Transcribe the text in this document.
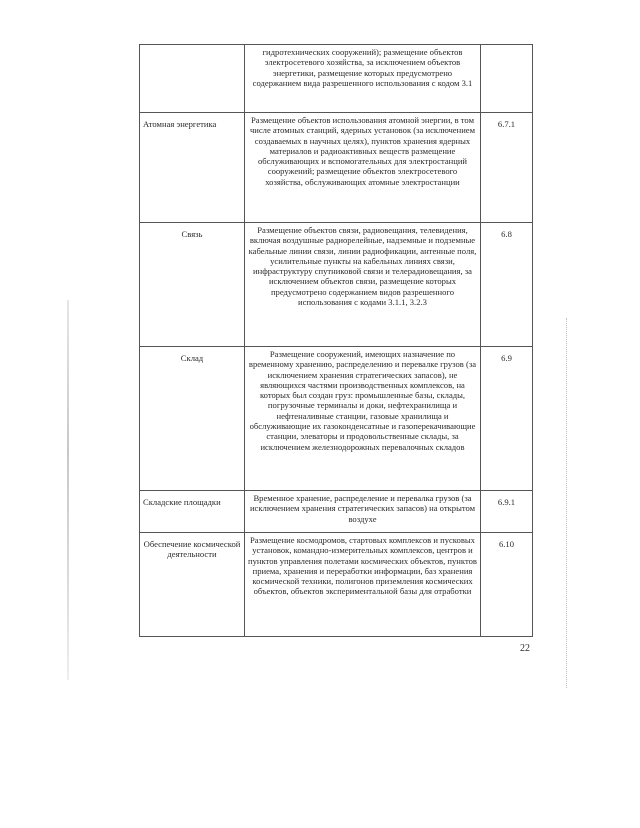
	гидротехнических сооружений); размещение объектов электросетевого хозяйства, за исключением объектов энергетики, размещение которых предусмотрено содержанием вида разрешенного использования с кодом 3.1	
Атомная энергетика	Размещение объектов использования атомной энергии, в том числе атомных станций, ядерных установок (за исключением создаваемых в научных целях), пунктов хранения ядерных материалов и радиоактивных веществ размещение обслуживающих и вспомогательных для электростанций сооружений; размещение объектов электросетевого хозяйства, обслуживающих атомные электростанции	6.7.1
Связь	Размещение объектов связи, радиовещания, телевидения, включая воздушные радиорелейные, надземные и подземные кабельные линии связи, линии радиофикации, антенные поля, усилительные пункты на кабельных линиях связи, инфраструктуру спутниковой связи и телерадиовещания, за исключением объектов связи, размещение которых предусмотрено содержанием видов разрешенного использования с кодами 3.1.1, 3.2.3	6.8
Склад	Размещение сооружений, имеющих назначение по временному хранению, распределению и перевалке грузов (за исключением хранения стратегических запасов), не являющихся частями производственных комплексов, на которых был создан груз: промышленные базы, склады, погрузочные терминалы и доки, нефтехранилища и нефтеналивные станции, газовые хранилища и обслуживающие их газоконденсатные и газоперекачивающие станции, элеваторы и продовольственные склады, за исключением железнодорожных перевалочных складов	6.9
Складские площадки	Временное хранение, распределение и перевалка грузов (за исключением хранения стратегических запасов) на открытом воздухе	6.9.1
Обеспечение космической деятельности	Размещение космодромов, стартовых комплексов и пусковых установок, командно-измерительных комплексов, центров и пунктов управления полетами космических объектов, пунктов приема, хранения и переработки информации, баз хранения космической техники, полигонов приземления космических объектов, объектов экспериментальной базы для отработки	6.10
22
